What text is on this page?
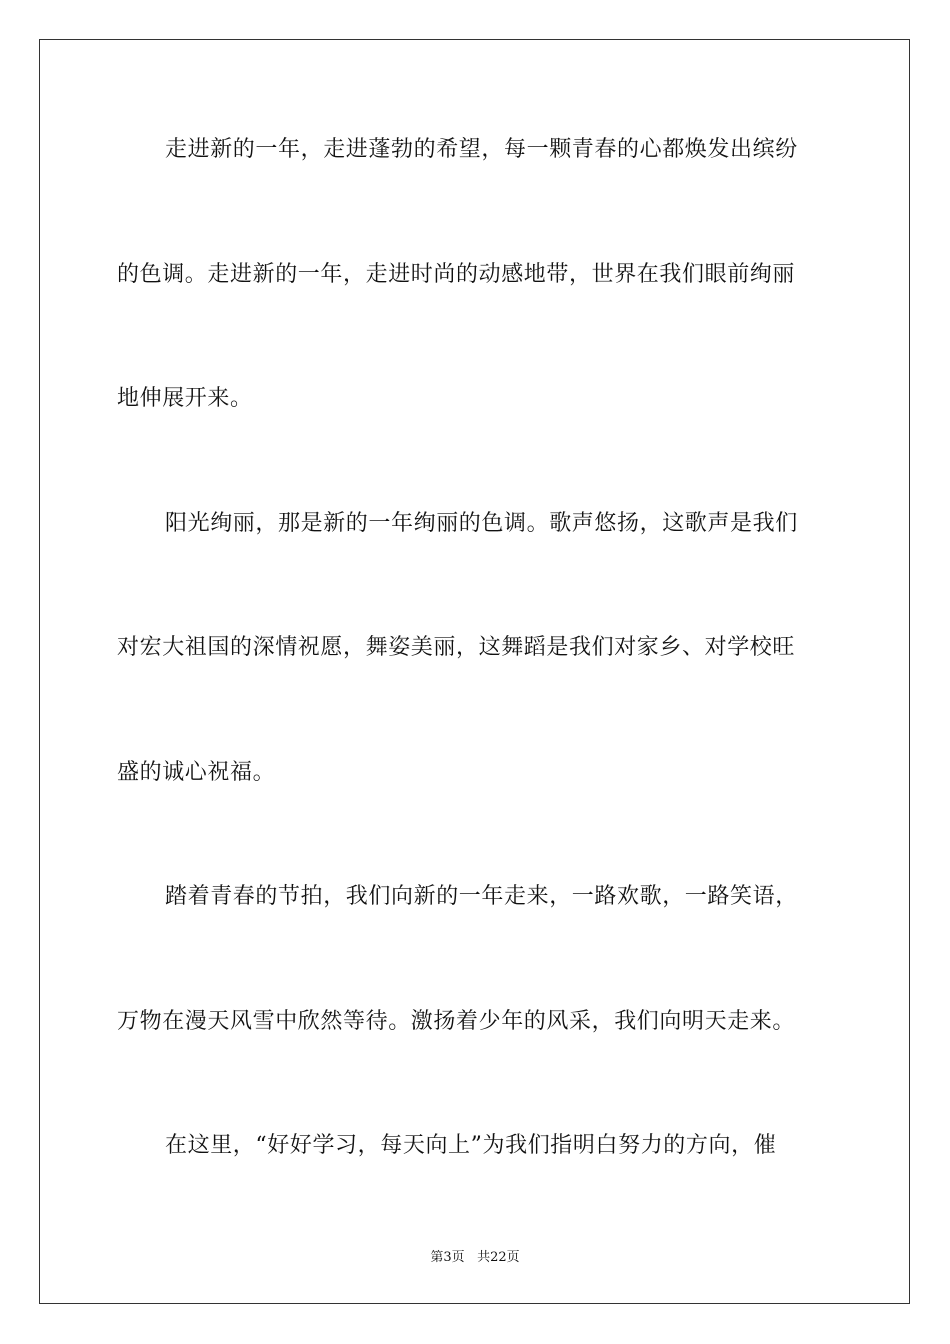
走进新的一年，走进蓬勃的希望，每一颗青春的心都焕发出缤纷
的色调。走进新的一年，走进时尚的动感地带，世界在我们眼前绚丽
地伸展开来。
阳光绚丽，那是新的一年绚丽的色调。歌声悠扬，这歌声是我们
对宏大祖国的深情祝愿，舞姿美丽，这舞蹈是我们对家乡、对学校旺
盛的诚心祝福。
踏着青春的节拍，我们向新的一年走来，一路欢歌，一路笑语，
万物在漫天风雪中欣然等待。激扬着少年的风采，我们向明天走来。
在这里，“好好学习，每天向上”为我们指明白努力的方向，催
第3页 共22页
